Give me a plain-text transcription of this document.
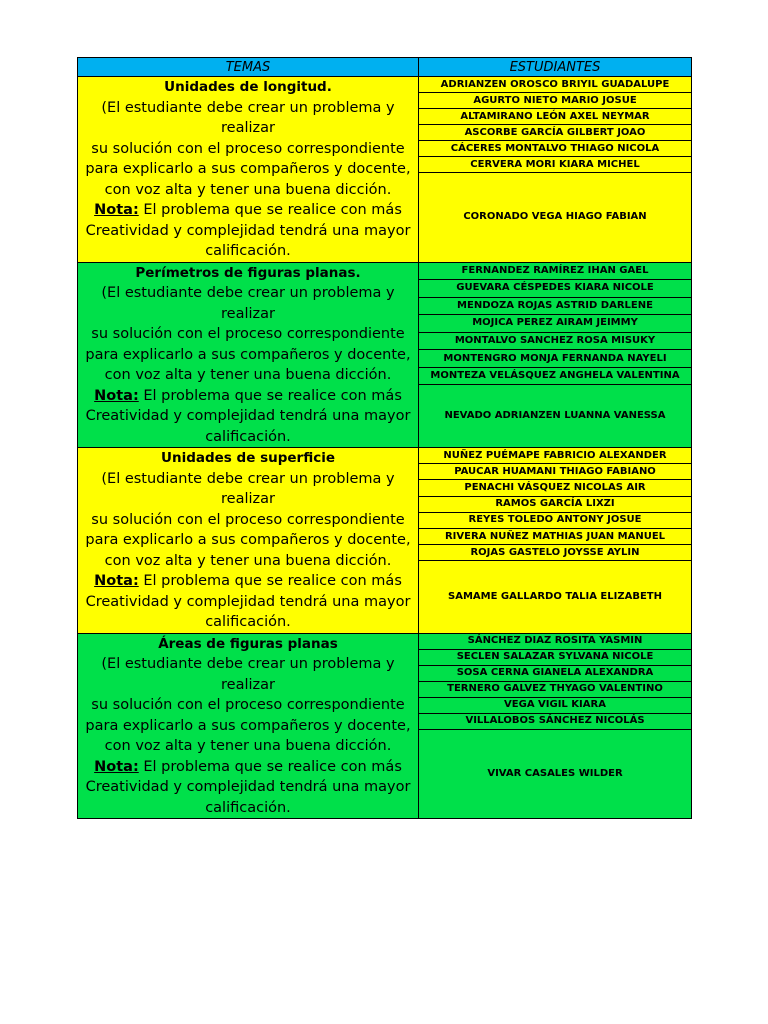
TEMAS	ESTUDIANTES

Unidades de longitud.
(El estudiante debe crear un problema y realizar
su solución con el proceso correspondiente para explicarlo a sus compañeros y docente, con voz alta y tener una buena dicción.
Nota: El problema que se realice con más Creatividad y complejidad tendrá una mayor calificación.	ADRIANZEN OROSCO BRIYIL GUADALUPE
	AGURTO NIETO MARIO JOSUE
	ALTAMIRANO LEÓN AXEL NEYMAR
	ASCORBE GARCÍA GILBERT JOAO
	CÁCERES MONTALVO THIAGO NICOLA
	CERVERA MORI KIARA MICHEL
	CORONADO VEGA HIAGO FABIAN

Perímetros de figuras planas.
(El estudiante debe crear un problema y realizar
su solución con el proceso correspondiente para explicarlo a sus compañeros y docente, con voz alta y tener una buena dicción.
Nota: El problema que se realice con más Creatividad y complejidad tendrá una mayor calificación.	FERNANDEZ RAMÍREZ IHAN GAEL
	GUEVARA CÉSPEDES KIARA NICOLE
	MENDOZA ROJAS ASTRID DARLENE
	MOJICA PEREZ AIRAM JEIMMY
	MONTALVO SANCHEZ ROSA MISUKY
	MONTENGRO MONJA FERNANDA NAYELI
	MONTEZA VELÁSQUEZ ANGHELA VALENTINA
	NEVADO ADRIANZEN LUANNA VANESSA

Unidades de superficie
(El estudiante debe crear un problema y realizar
su solución con el proceso correspondiente para explicarlo a sus compañeros y docente, con voz alta y tener una buena dicción.
Nota: El problema que se realice con más Creatividad y complejidad tendrá una mayor calificación.	NUÑEZ PUÉMAPE FABRICIO ALEXANDER
	PAUCAR HUAMANI THIAGO FABIANO
	PENACHI VÁSQUEZ NICOLAS AIR
	RAMOS GARCÍA LIXZI
	REYES TOLEDO ANTONY JOSUE
	RIVERA NUÑEZ MATHIAS JUAN MANUEL
	ROJAS GASTELO JOYSSE AYLIN
	SAMAME GALLARDO TALIA ELIZABETH

Áreas de figuras planas
(El estudiante debe crear un problema y realizar
su solución con el proceso correspondiente para explicarlo a sus compañeros y docente, con voz alta y tener una buena dicción.
Nota: El problema que se realice con más Creatividad y complejidad tendrá una mayor calificación.	SÁNCHEZ DIAZ ROSITA YASMIN
	SECLEN SALAZAR SYLVANA NICOLE
	SOSA CERNA GIANELA ALEXANDRA
	TERNERO GALVEZ THYAGO VALENTINO
	VEGA VIGIL KIARA
	VILLALOBOS SÁNCHEZ NICOLÁS
	VIVAR CASALES WILDER
